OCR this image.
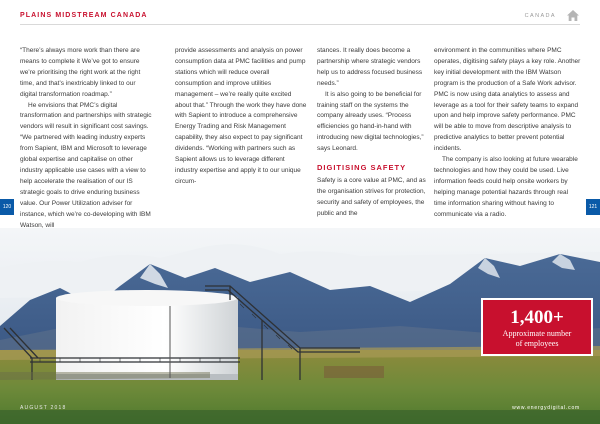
PLAINS MIDSTREAM CANADA	CANADA

“There’s always more work than there are means to complete it We’ve got to ensure we’re prioritising the right work at the right time, and that’s inextricably linked to our digital transformation roadmap.”

He envisions that PMC’s digital transformation and partnerships with strategic vendors will result in significant cost savings. “We partnered with leading industry experts from Sapient, IBM and Microsoft to leverage global expertise and capitalise on other industry applicable use cases with a view to help accelerate the realisation of our IS strategic goals to drive enduring business value. Our Power Utilization adviser for instance, which we’re co-developing with IBM Watson, will

provide assessments and analysis on power consumption data at PMC facilities and pump stations which will reduce overall consumption and improve utilities management – we’re really quite excited about that.” Through the work they have done with Sapient to introduce a comprehensive Energy Trading and Risk Management capability, they also expect to pay significant dividends. “Working with partners such as Sapient allows us to leverage different industry expertise and apply it to our unique circum-

stances. It really does become a partnership where strategic vendors help us to address focused business needs.”

It is also going to be beneficial for training staff on the systems the company already uses. “Process efficiencies go hand-in-hand with introducing new digital technologies,” says Leonard.

DIGITISING SAFETY

Safety is a core value at PMC, and as the organisation strives for protection, security and safety of employees, the public and the

environment in the communities where PMC operates, digitising safety plays a key role. Another key initial development with the IBM Watson program is the production of a Safe Work advisor. PMC is now using data analytics to assess and leverage as a tool for their safety teams to expand upon and help improve safety performance. PMC will be able to move from descriptive analysis to predictive analytics to better prevent potential incidents.

The company is also looking at future wearable technologies and how they could be used. Live information feeds could help onsite workers by helping manage potential hazards through real time information sharing without having to communicate via a radio.

120	121
1,400+
Approximate number
of employees
AUGUST 2018	www.energydigital.com
